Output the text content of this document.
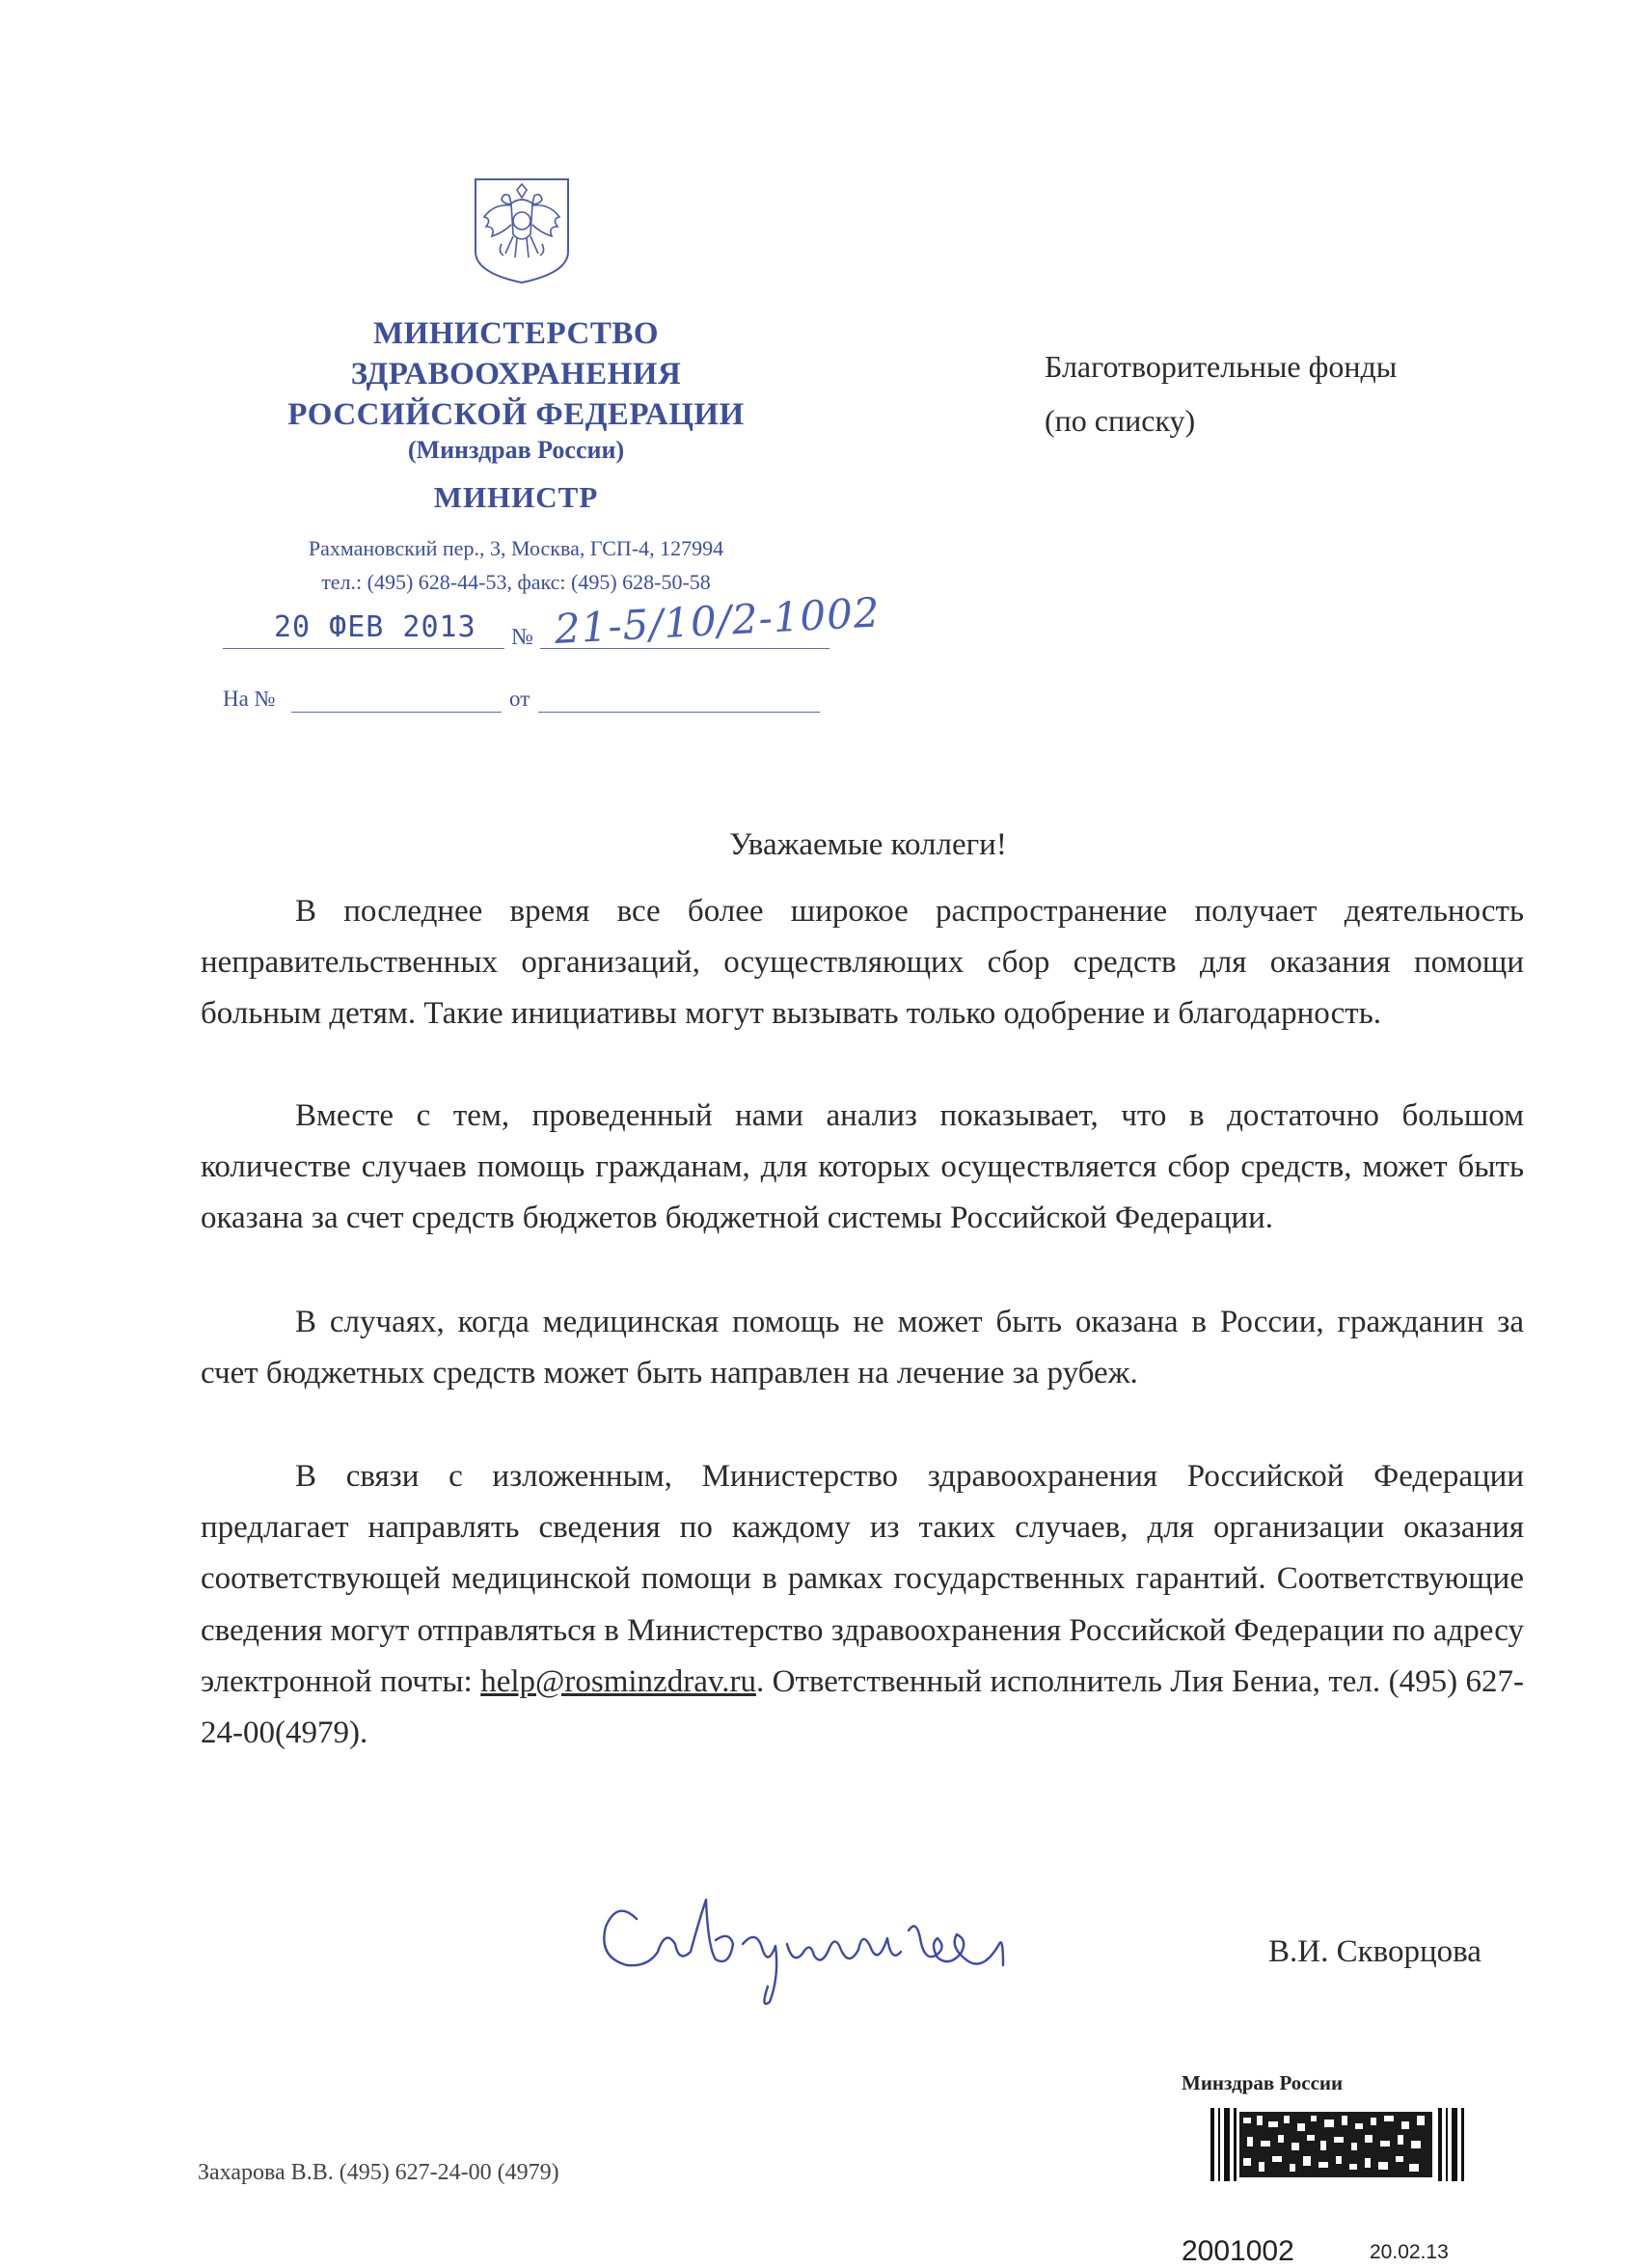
МИНИСТЕРСТВО
ЗДРАВООХРАНЕНИЯ
РОССИЙСКОЙ ФЕДЕРАЦИИ
(Минздрав России)
МИНИСТР
Рахмановский пер., 3, Москва, ГСП-4, 127994
тел.: (495) 628-44-53, факс: (495) 628-50-58
20 ФЕВ 2013 № 21-5/10/2-1002
На №	от
Благотворительные фонды
(по списку)
Уважаемые коллеги!

В последнее время все более широкое распространение получает деятельность неправительственных организаций, осуществляющих сбор средств для оказания помощи больным детям. Такие инициативы могут вызывать только одобрение и благодарность.

Вместе с тем, проведенный нами анализ показывает, что в достаточно большом количестве случаев помощь гражданам, для которых осуществляется сбор средств, может быть оказана за счет средств бюджетов бюджетной системы Российской Федерации.

В случаях, когда медицинская помощь не может быть оказана в России, гражданин за счет бюджетных средств может быть направлен на лечение за рубеж.

В связи с изложенным, Министерство здравоохранения Российской Федерации предлагает направлять сведения по каждому из таких случаев, для организации оказания соответствующей медицинской помощи в рамках государственных гарантий. Соответствующие сведения могут отправляться в Министерство здравоохранения Российской Федерации по адресу электронной почты: help@rosminzdrav.ru. Ответственный исполнитель Лия Бениа, тел. (495) 627-24-00(4979).

В.И. Скворцова
Захарова В.В. (495) 627-24-00 (4979)
Минздрав России
2001002	20.02.13
